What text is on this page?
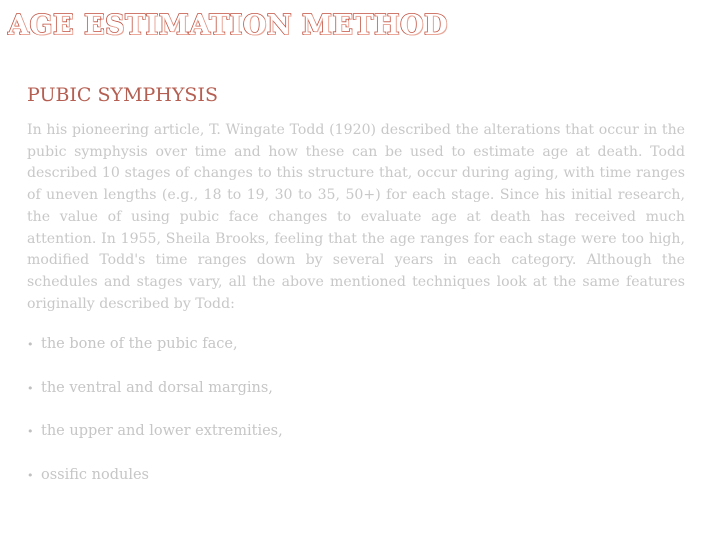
AGE ESTIMATION METHOD
PUBIC SYMPHYSIS

In his pioneering article, T. Wingate Todd (1920) described the alterations that occur in the pubic symphysis over time and how these can be used to estimate age at death. Todd described 10 stages of changes to this structure that, occur during aging, with time ranges of uneven lengths (e.g., 18 to 19, 30 to 35, 50+) for each stage. Since his initial research, the value of using pubic face changes to evaluate age at death has received much attention. In 1955, Sheila Brooks, feeling that the age ranges for each stage were too high, modified Todd's time ranges down by several years in each category. Although the schedules and stages vary, all the above mentioned techniques look at the same features originally described by Todd:

• the bone of the pubic face,
• the ventral and dorsal margins,
• the upper and lower extremities,
• ossific nodules
